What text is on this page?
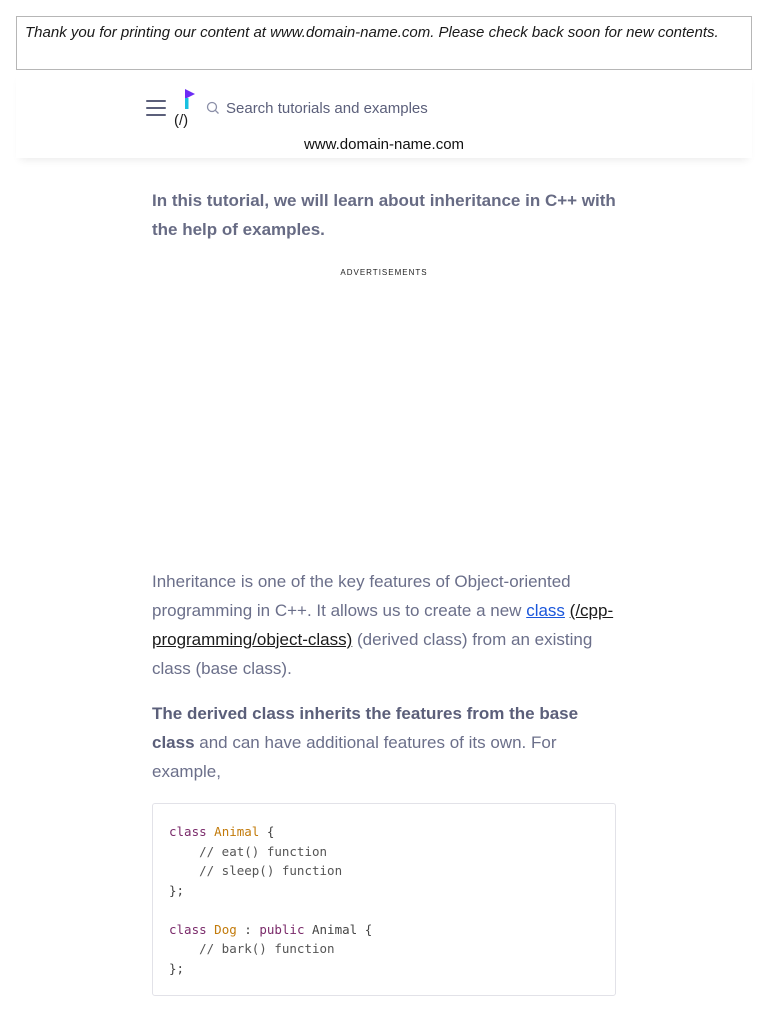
Thank you for printing our content at www.domain-name.com. Please check back soon for new contents.
(/)
Search tutorials and examples
www.domain-name.com

In this tutorial, we will learn about inheritance in C++ with the help of examples.

ADVERTISEMENTS

Inheritance is one of the key features of Object-oriented programming in C++. It allows us to create a new class (/cpp-programming/object-class) (derived class) from an existing class (base class).

The derived class inherits the features from the base class and can have additional features of its own. For example,

class Animal {
// eat() function
// sleep() function
};

class Dog : public Animal {
// bark() function
};
